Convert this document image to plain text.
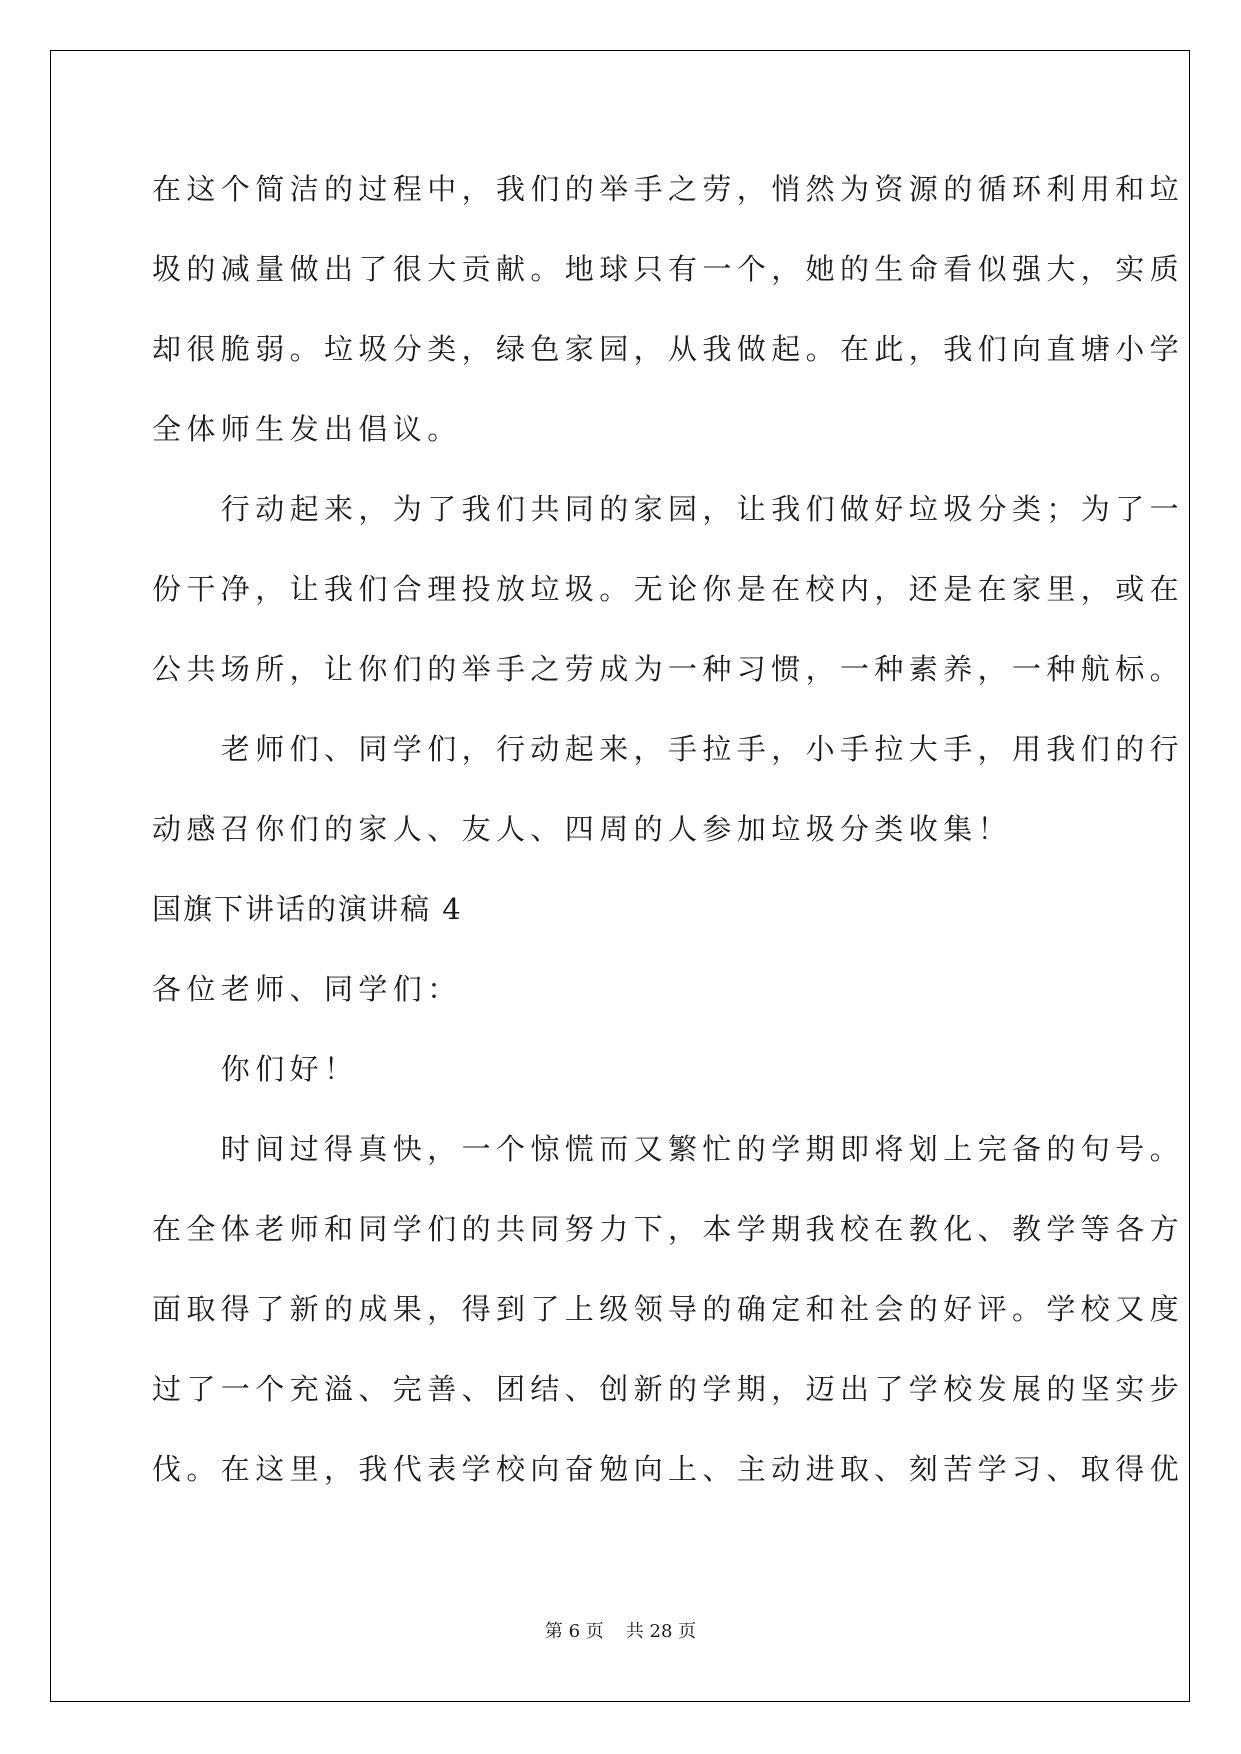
在这个简洁的过程中，我们的举手之劳，悄然为资源的循环利用和垃

圾的减量做出了很大贡献。地球只有一个，她的生命看似强大，实质

却很脆弱。垃圾分类，绿色家园，从我做起。在此，我们向直塘小学

全体师生发出倡议。

　　行动起来，为了我们共同的家园，让我们做好垃圾分类；为了一

份干净，让我们合理投放垃圾。无论你是在校内，还是在家里，或在

公共场所，让你们的举手之劳成为一种习惯，一种素养，一种航标。

　　老师们、同学们，行动起来，手拉手，小手拉大手，用我们的行

动感召你们的家人、友人、四周的人参加垃圾分类收集！

国旗下讲话的演讲稿 4

各位老师、同学们：

　　你们好！

　　时间过得真快，一个惊慌而又繁忙的学期即将划上完备的句号。

在全体老师和同学们的共同努力下，本学期我校在教化、教学等各方

面取得了新的成果，得到了上级领导的确定和社会的好评。学校又度

过了一个充溢、完善、团结、创新的学期，迈出了学校发展的坚实步

伐。在这里，我代表学校向奋勉向上、主动进取、刻苦学习、取得优

第 6 页 共 28 页
